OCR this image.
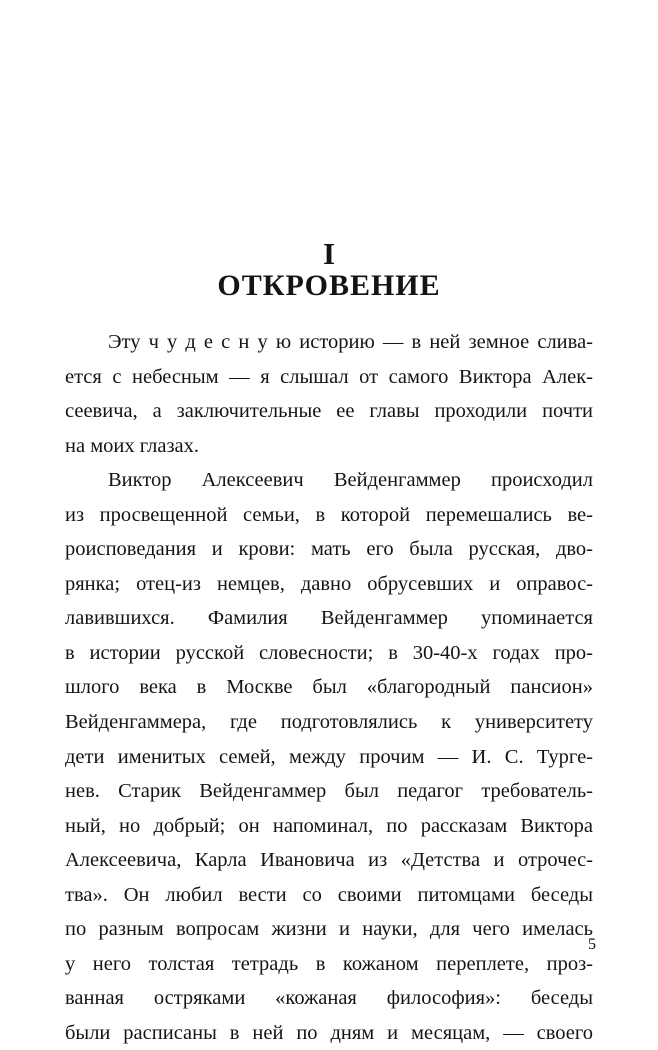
I
ОТКРОВЕНИЕ
Эту ч у д е с н у ю историю — в ней земное слива-
ется с небесным — я слышал от самого Виктора Алек-
сеевича, а заключительные ее главы проходили почти
на моих глазах.
Виктор Алексеевич Вейденгаммер происходил
из просвещенной семьи, в которой перемешались ве-
роисповедания и крови: мать его была русская, дво-
рянка; отец-из немцев, давно обрусевших и оправос-
лавившихся. Фамилия Вейденгаммер упоминается
в истории русской словесности; в 30-40-х годах про-
шлого века в Москве был «благородный пансион»
Вейденгаммера, где подготовлялись к университету
дети именитых семей, между прочим — И. С. Турге-
нев. Старик Вейденгаммер был педагог требователь-
ный, но добрый; он напоминал, по рассказам Виктора
Алексеевича, Карла Ивановича из «Детства и отрочес-
тва». Он любил вести со своими питомцами беседы
по разным вопросам жизни и науки, для чего имелась
у него толстая тетрадь в кожаном переплете, проз-
ванная остряками «кожаная философия»: беседы
были расписаны в ней по дням и месяцам, — своего
5
